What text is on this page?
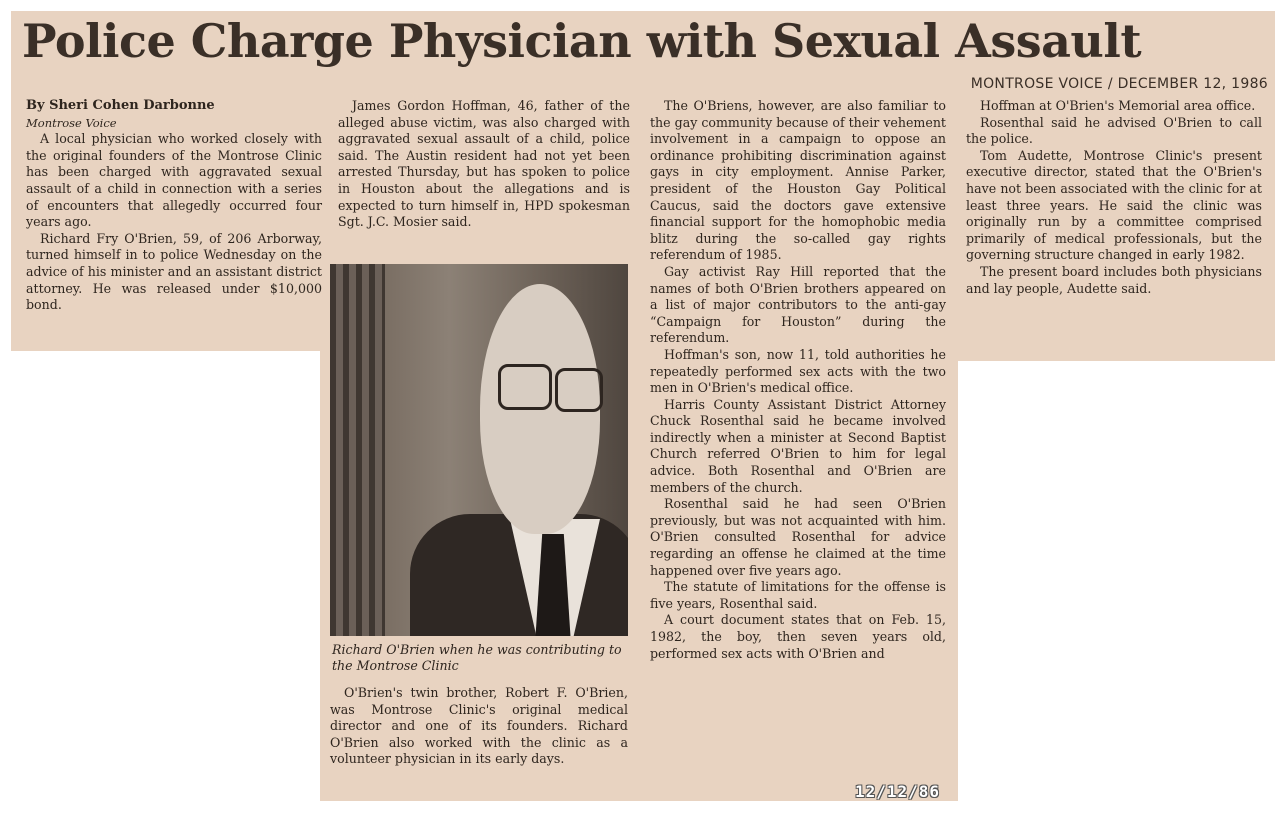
Police Charge Physician with Sexual Assault
MONTROSE VOICE / DECEMBER 12, 1986

By Sheri Cohen Darbonne

Montrose Voice

A local physician who worked closely with the original founders of the Montrose Clinic has been charged with aggravated sexual assault of a child in connection with a series of encounters that allegedly occurred four years ago.

Richard Fry O'Brien, 59, of 206 Arborway, turned himself in to police Wednesday on the advice of his minister and an assistant district attorney. He was released under $10,000 bond.

James Gordon Hoffman, 46, father of the alleged abuse victim, was also charged with aggravated sexual assault of a child, police said. The Austin resident had not yet been arrested Thursday, but has spoken to police in Houston about the allegations and is expected to turn himself in, HPD spokesman Sgt. J.C. Mosier said.

Richard O'Brien when he was contributing to the Montrose Clinic

O'Brien's twin brother, Robert F. O'Brien, was Montrose Clinic's original medical director and one of its founders. Richard O'Brien also worked with the clinic as a volunteer physician in its early days.

The O'Briens, however, are also familiar to the gay community because of their vehement involvement in a campaign to oppose an ordinance prohibiting discrimination against gays in city employment. Annise Parker, president of the Houston Gay Political Caucus, said the doctors gave extensive financial support for the homophobic media blitz during the so-called gay rights referendum of 1985.

Gay activist Ray Hill reported that the names of both O'Brien brothers appeared on a list of major contributors to the anti-gay “Campaign for Houston” during the referendum.

Hoffman's son, now 11, told authorities he repeatedly performed sex acts with the two men in O'Brien's medical office.

Harris County Assistant District Attorney Chuck Rosenthal said he became involved indirectly when a minister at Second Baptist Church referred O'Brien to him for legal advice. Both Rosenthal and O'Brien are members of the church.

Rosenthal said he had seen O'Brien previously, but was not acquainted with him. O'Brien consulted Rosenthal for advice regarding an offense he claimed at the time happened over five years ago.

The statute of limitations for the offense is five years, Rosenthal said.

A court document states that on Feb. 15, 1982, the boy, then seven years old, performed sex acts with O'Brien and

Hoffman at O'Brien's Memorial area office.

Rosenthal said he advised O'Brien to call the police.

Tom Audette, Montrose Clinic's present executive director, stated that the O'Brien's have not been associated with the clinic for at least three years. He said the clinic was originally run by a committee comprised primarily of medical professionals, but the governing structure changed in early 1982.

The present board includes both physicians and lay people, Audette said.

12/12/86
